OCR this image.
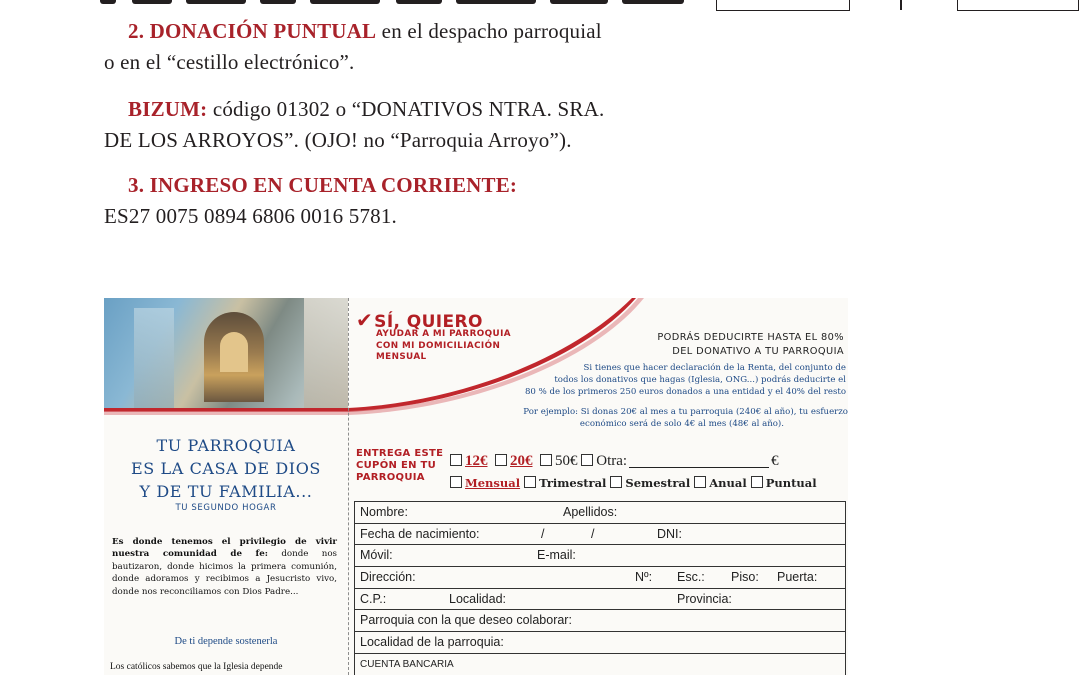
2. DONACIÓN PUNTUAL en el despacho parroquial
o en el “cestillo electrónico”.
BIZUM: código 01302 o “DONATIVOS NTRA. SRA.
DE LOS ARROYOS”. (OJO! no “Parroquia Arroyo”).
3. INGRESO EN CUENTA CORRIENTE:
ES27 0075 0894 6806 0016 5781.
TU PARROQUIA
ES LA CASA DE DIOS
Y DE TU FAMILIA...
TU SEGUNDO HOGAR
Es donde tenemos el privilegio de vivir nuestra comunidad de fe: donde nos bautizaron, donde hicimos la primera comunión, donde adoramos y recibimos a Jesucristo vivo, donde nos reconciliamos con Dios Padre...
De ti depende sostenerla
Los católicos sabemos que la Iglesia depende
✔SÍ, QUIERO
AYUDAR A MI PARROQUIA
CON MI DOMICILIACIÓN
MENSUAL
PODRÁS DEDUCIRTE HASTA EL 80%
DEL DONATIVO A TU PARROQUIA
Si tienes que hacer declaración de la Renta, del conjunto de
todos los donativos que hagas (Iglesia, ONG...) podrás deducirte el
80 % de los primeros 250 euros donados a una entidad y el 40% del resto
Por ejemplo: Si donas 20€ al mes a tu parroquia (240€ al año), tu esfuerzo
económico será de solo 4€ al mes (48€ al año).
ENTREGA ESTE
CUPÓN EN TU
PARROQUIA
12€ 20€ 50€ Otra:	€
Mensual Trimestral Semestral Anual Puntual
Nombre:	Apellidos:
Fecha de nacimiento:	/	/	DNI:
Móvil:	E-mail:
Dirección:	Nº: Esc.: Piso: Puerta:
C.P.:	Localidad:	Provincia:
Parroquia con la que deseo colaborar:
Localidad de la parroquia:
CUENTA BANCARIA
